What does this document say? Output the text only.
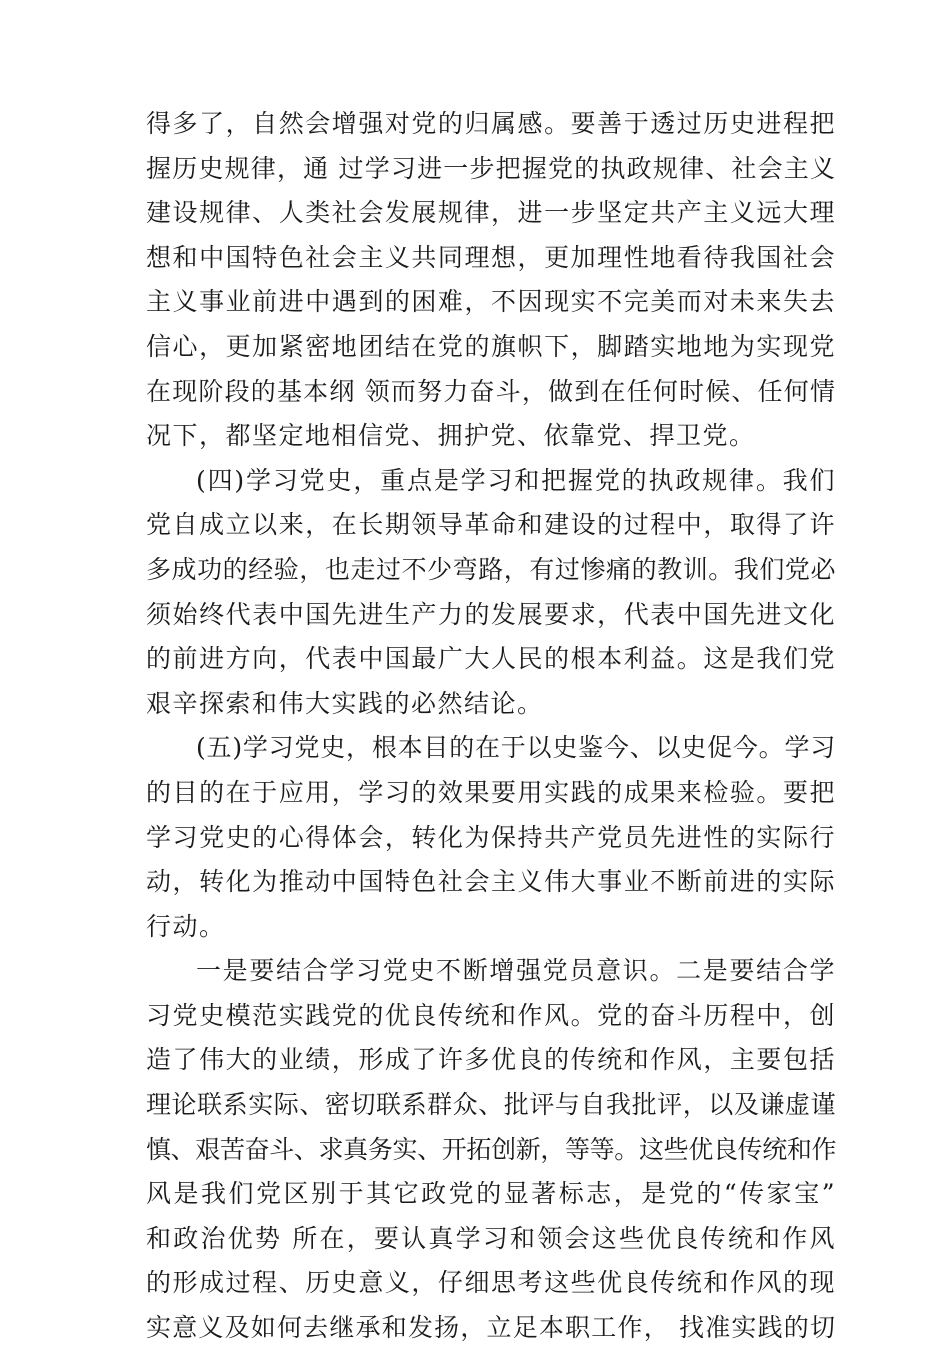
得多了，自然会增强对党的归属感。要善于透过历史进程把
握历史规律，通 过学习进一步把握党的执政规律、社会主义
建设规律、人类社会发展规律，进一步坚定共产主义远大理
想和中国特色社会主义共同理想，更加理性地看待我国社会
主义事业前进中遇到的困难，不因现实不完美而对未来失去
信心，更加紧密地团结在党的旗帜下，脚踏实地地为实现党
在现阶段的基本纲 领而努力奋斗，做到在任何时候、任何情
况下，都坚定地相信党、拥护党、依靠党、捍卫党。
(四)学习党史，重点是学习和把握党的执政规律。我们
党自成立以来，在长期领导革命和建设的过程中，取得了许
多成功的经验，也走过不少弯路，有过惨痛的教训。我们党必
须始终代表中国先进生产力的发展要求，代表中国先进文化
的前进方向，代表中国最广大人民的根本利益。这是我们党
艰辛探索和伟大实践的必然结论。
(五)学习党史，根本目的在于以史鉴今、以史促今。学习
的目的在于应用，学习的效果要用实践的成果来检验。要把
学习党史的心得体会，转化为保持共产党员先进性的实际行
动，转化为推动中国特色社会主义伟大事业不断前进的实际
行动。
一是要结合学习党史不断增强党员意识。二是要结合学
习党史模范实践党的优良传统和作风。党的奋斗历程中，创
造了伟大的业绩，形成了许多优良的传统和作风，主要包括
理论联系实际、密切联系群众、批评与自我批评，以及谦虚谨
慎、艰苦奋斗、求真务实、开拓创新，等等。这些优良传统和作
风是我们党区别于其它政党的显著标志，是党的“传家宝”
和政治优势 所在，要认真学习和领会这些优良传统和作风
的形成过程、历史意义，仔细思考这些优良传统和作风的现
实意义及如何去继承和发扬，立足本职工作， 找准实践的切
